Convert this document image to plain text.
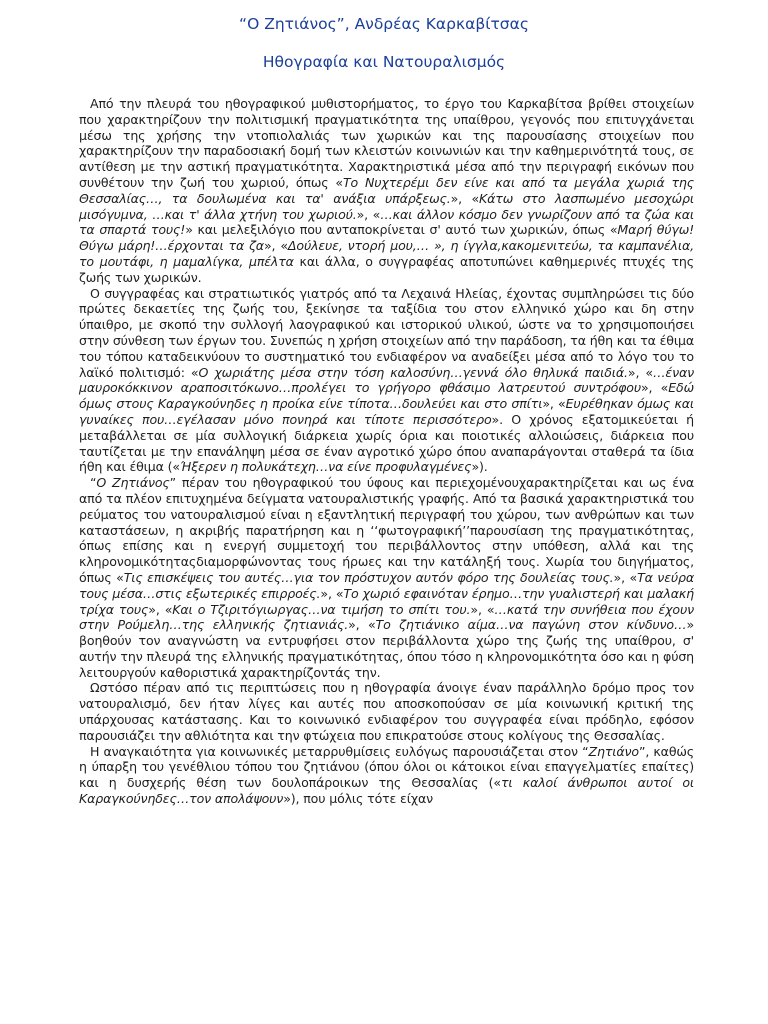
“Ο Ζητιάνος”, Ανδρέας Καρκαβίτσας
Ηθογραφία και Νατουραλισμός

Από την πλευρά του ηθογραφικού μυθιστορήματος, το έργο του Καρκαβίτσα βρίθει στοιχείων που χαρακτηρίζουν την πολιτισμική πραγματικότητα της υπαίθρου, γεγονός που επιτυγχάνεται μέσω της χρήσης την ντοπιολαλιάς των χωρικών και της παρουσίασης στοιχείων που χαρακτηρίζουν την παραδοσιακή δομή των κλειστών κοινωνιών και την καθημερινότητά τους, σε αντίθεση με την αστική πραγματικότητα. Χαρακτηριστικά μέσα από την περιγραφή εικόνων που συνθέτουν την ζωή του χωριού, όπως «Το Νυχτερέμι δεν είνε και από τα μεγάλα χωριά της Θεσσαλίας…, τα δουλωμένα και τα' ανάξια υπάρξεως.», «Κάτω στο λασπωμένο μεσοχώρι μισόγυμνα, …και τ' άλλα χτήνη του χωριού.», «…και άλλον κόσμο δεν γνωρίζουν από τα ζώα και τα σπαρτά τους!» και μελεξιλόγιο που ανταποκρίνεται σ' αυτό των χωρικών, όπως «Μαρή θύγω! Θύγω μάρη!…έρχονται τα ζα», «Δούλευε, ντορή μου,… », η ίγγλα,κακομενιτεύω, τα καμπανέλια, το μουτάφι, η μαμαλίγκα, μπέλτα και άλλα, ο συγγραφέας αποτυπώνει καθημερινές πτυχές της ζωής των χωρικών.

Ο συγγραφέας και στρατιωτικός γιατρός από τα Λεχαινά Ηλείας, έχοντας συμπληρώσει τις δύο πρώτες δεκαετίες της ζωής του, ξεκίνησε τα ταξίδια του στον ελληνικό χώρο και δη στην ύπαιθρο, με σκοπό την συλλογή λαογραφικού και ιστορικού υλικού, ώστε να το χρησιμοποιήσει στην σύνθεση των έργων του. Συνεπώς η χρήση στοιχείων από την παράδοση, τα ήθη και τα έθιμα του τόπου καταδεικνύουν το συστηματικό του ενδιαφέρον να αναδείξει μέσα από το λόγο του το λαϊκό πολιτισμό: «Ο χωριάτης μέσα στην τόση καλοσύνη…γεννά όλο θηλυκά παιδιά.», «…έναν μαυροκόκκινον αραποσιτόκωνο…προλέγει το γρήγορο φθάσιμο λατρευτού συντρόφου», «Εδώ όμως στους Καραγκούνηδες η προίκα είνε τίποτα…δουλεύει και στο σπίτι», «Ευρέθηκαν όμως και γυναίκες που…εγέλασαν μόνο πονηρά και τίποτε περισσότερο». Ο χρόνος εξατομικεύεται ή μεταβάλλεται σε μία συλλογική διάρκεια χωρίς όρια και ποιοτικές αλλοιώσεις, διάρκεια που ταυτίζεται με την επανάληψη μέσα σε έναν αγροτικό χώρο όπου αναπαράγονται σταθερά τα ίδια ήθη και έθιμα («Ήξερεν η πολυκάτεχη…να είνε προφυλαγμένες»).

“Ο Ζητιάνος” πέραν του ηθογραφικού του ύφους και περιεχομένουχαρακτηρίζεται και ως ένα από τα πλέον επιτυχημένα δείγματα νατουραλιστικής γραφής. Από τα βασικά χαρακτηριστικά του ρεύματος του νατουραλισμού είναι η εξαντλητική περιγραφή του χώρου, των ανθρώπων και των καταστάσεων, η ακριβής παρατήρηση και η ‘‘φωτογραφική’’παρουσίαση της πραγματικότητας, όπως επίσης και η ενεργή συμμετοχή του περιβάλλοντος στην υπόθεση, αλλά και της κληρονομικότηταςδιαμορφώνοντας τους ήρωες και την κατάληξή τους. Χωρία του διηγήματος, όπως «Τις επισκέψεις του αυτές…για τον πρόστυχον αυτόν φόρο της δουλείας τους.», «Τα νεύρα τους μέσα…στις εξωτερικές επιρροές.», «Το χωριό εφαινόταν έρημο…την γυαλιστερή και μαλακή τρίχα τους», «Και ο Τζιριτόγιωργας…να τιμήση το σπίτι του.», «…κατά την συνήθεια που έχουν στην Ρούμελη…της ελληνικής ζητιανιάς.», «Το ζητιάνικο αίμα…να παγώνη στον κίνδυνο…» βοηθούν τον αναγνώστη να εντρυφήσει στον περιβάλλοντα χώρο της ζωής της υπαίθρου, σ' αυτήν την πλευρά της ελληνικής πραγματικότητας, όπου τόσο η κληρονομικότητα όσο και η φύση λειτουργούν καθοριστικά χαρακτηρίζοντάς την.

Ωστόσο πέραν από τις περιπτώσεις που η ηθογραφία άνοιγε έναν παράλληλο δρόμο προς τον νατουραλισμό, δεν ήταν λίγες και αυτές που αποσκοπούσαν σε μία κοινωνική κριτική της υπάρχουσας κατάστασης. Και το κοινωνικό ενδιαφέρον του συγγραφέα είναι πρόδηλο, εφόσον παρουσιάζει την αθλιότητα και την φτώχεια που επικρατούσε στους κολίγους της Θεσσαλίας.

Η αναγκαιότητα για κοινωνικές μεταρρυθμίσεις ευλόγως παρουσιάζεται στον “Ζητιάνο”, καθώς η ύπαρξη του γενέθλιου τόπου του ζητιάνου (όπου όλοι οι κάτοικοι είναι επαγγελματίες επαίτες) και η δυσχερής θέση των δουλοπάροικων της Θεσσαλίας («τι καλοί άνθρωποι αυτοί οι Καραγκούνηδες…τον απολάψουν»), που μόλις τότε είχαν
